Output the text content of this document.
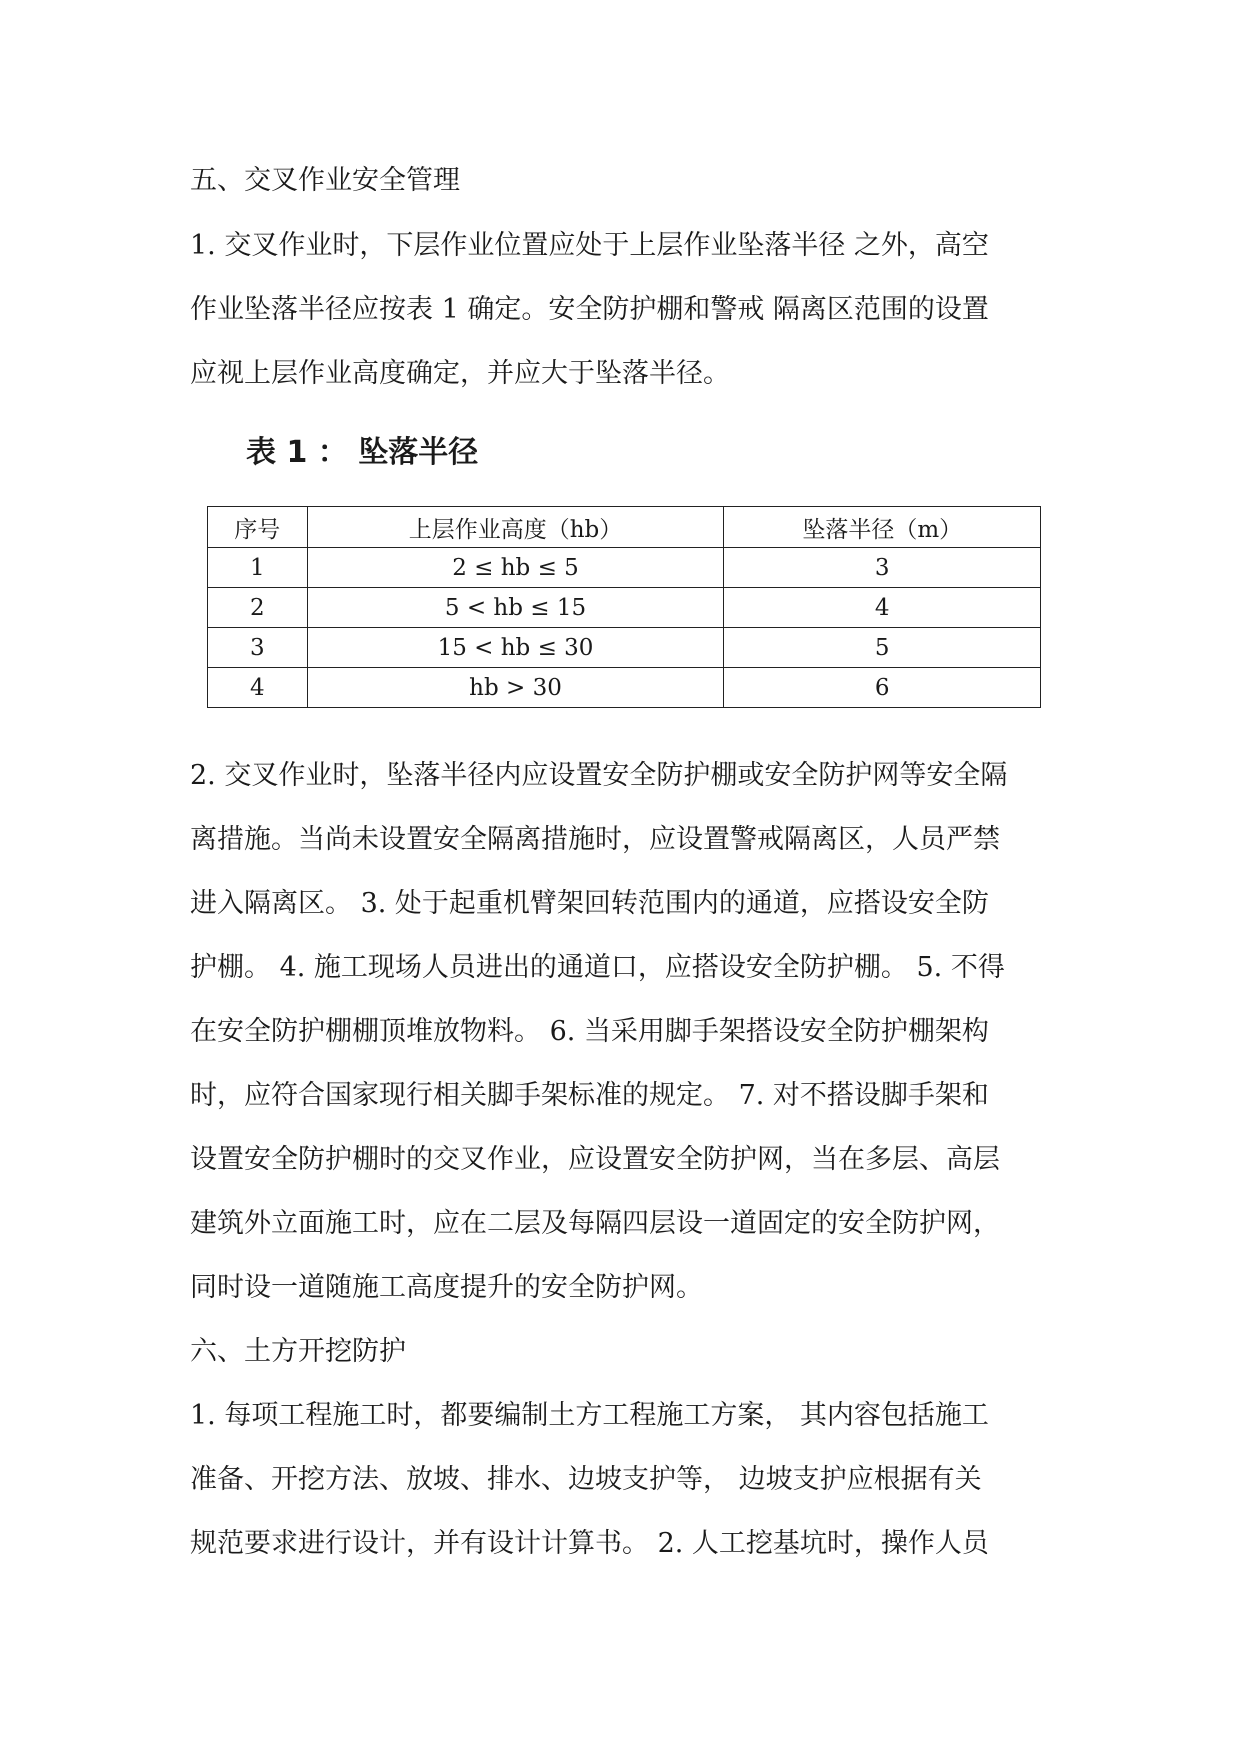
五、交叉作业安全管理
1. 交叉作业时，下层作业位置应处于上层作业坠落半径 之外，高空
作业坠落半径应按表 1 确定。安全防护棚和警戒 隔离区范围的设置
应视上层作业高度确定，并应大于坠落半径。
表 1 ： 坠落半径
序号	上层作业高度（hb）	坠落半径（m）
1	2 ≤ hb ≤ 5	3
2	5 < hb ≤ 15	4
3	15 < hb ≤ 30	5
4	hb > 30	6
2. 交叉作业时，坠落半径内应设置安全防护棚或安全防护网等安全隔
离措施。当尚未设置安全隔离措施时，应设置警戒隔离区，人员严禁
进入隔离区。 3. 处于起重机臂架回转范围内的通道，应搭设安全防
护棚。 4. 施工现场人员进出的通道口，应搭设安全防护棚。 5. 不得
在安全防护棚棚顶堆放物料。 6. 当采用脚手架搭设安全防护棚架构
时，应符合国家现行相关脚手架标准的规定。 7. 对不搭设脚手架和
设置安全防护棚时的交叉作业，应设置安全防护网，当在多层、高层
建筑外立面施工时，应在二层及每隔四层设一道固定的安全防护网，
同时设一道随施工高度提升的安全防护网。
六、土方开挖防护
1. 每项工程施工时，都要编制土方工程施工方案， 其内容包括施工
准备、开挖方法、放坡、排水、边坡支护等， 边坡支护应根据有关
规范要求进行设计，并有设计计算书。 2. 人工挖基坑时，操作人员
